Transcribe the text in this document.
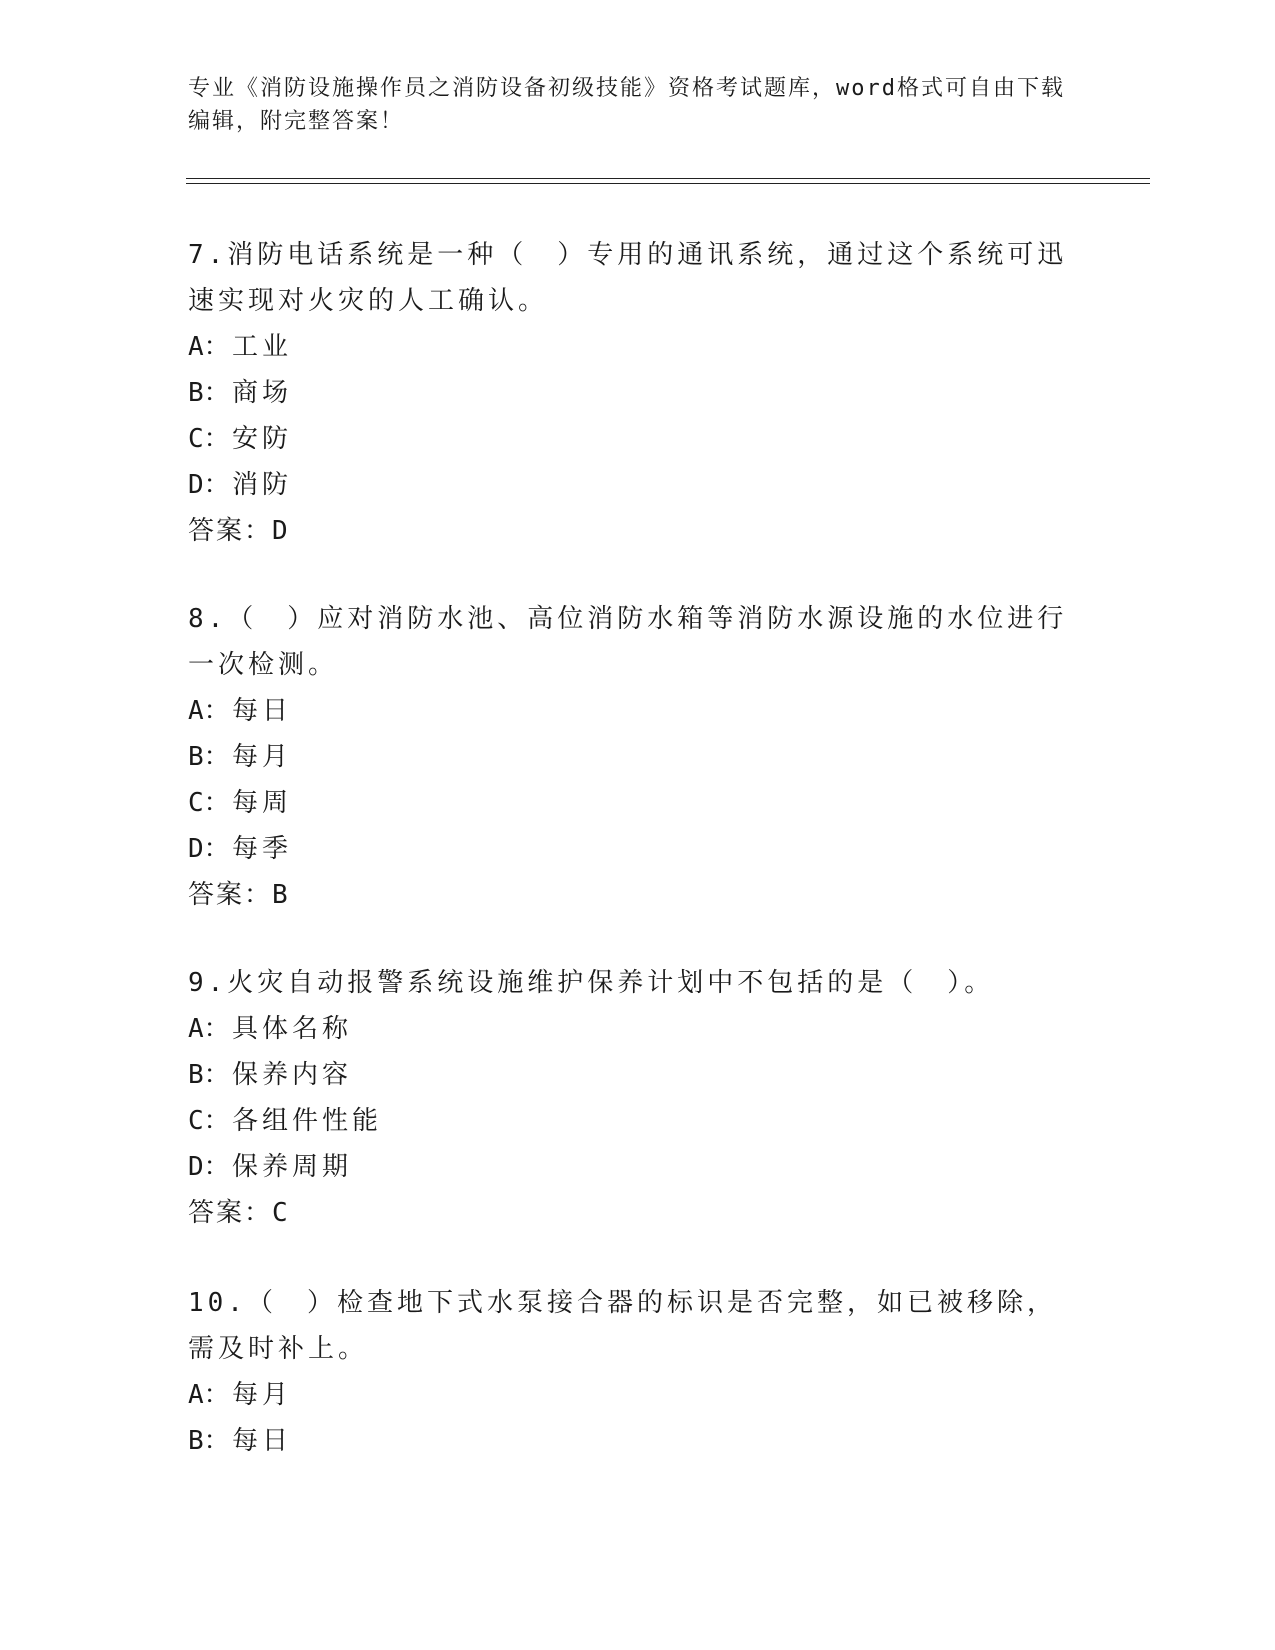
专业《消防设施操作员之消防设备初级技能》资格考试题库，word格式可自由下载编辑，附完整答案！

7.消防电话系统是一种（　）专用的通讯系统，通过这个系统可迅速实现对火灾的人工确认。

A：工业

B：商场

C：安防

D：消防

答案：D

8.（　）应对消防水池、高位消防水箱等消防水源设施的水位进行一次检测。

A：每日

B：每月

C：每周

D：每季

答案：B

9.火灾自动报警系统设施维护保养计划中不包括的是（　）。

A：具体名称

B：保养内容

C：各组件性能

D：保养周期

答案：C

10.（　）检查地下式水泵接合器的标识是否完整，如已被移除，需及时补上。

A：每月

B：每日
